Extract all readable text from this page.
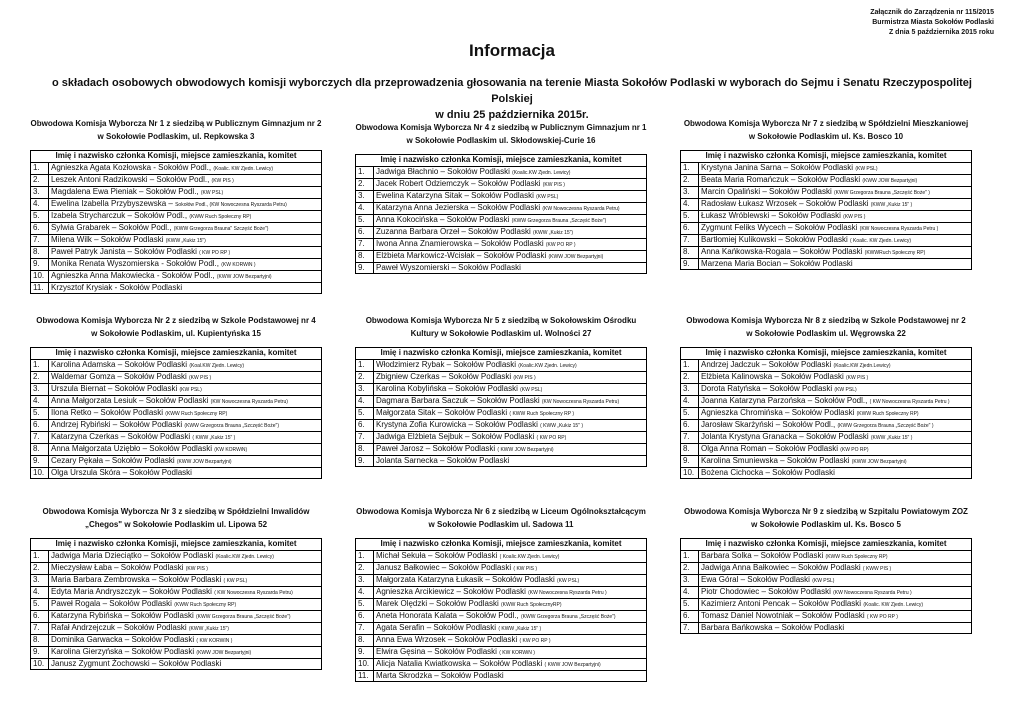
Załącznik do Zarządzenia nr 115/2015
Burmistrza Miasta Sokołów Podlaski
Z dnia 5 października 2015 roku
Informacja
o składach osobowych obwodowych komisji wyborczych dla przeprowadzenia głosowania na terenie Miasta Sokołów Podlaski w wyborach do Sejmu i Senatu Rzeczypospolitej Polskiej
w dniu 25 października 2015r.
Obwodowa Komisja Wyborcza Nr 1 z siedzibą w Publicznym Gimnazjum nr 2
w Sokołowie Podlaskim, ul. Repkowska 3
Imię i nazwisko członka Komisji, miejsce zamieszkania, komitet	
1.	Agnieszka Agata Kozłowska - Sokołów Podl., (Koalic. KW Zjedn. Lewicy)
2.	Leszek Antoni Radzikowski – Sokołów Podl., (KW PIS )
3.	Magdalena Ewa Pieniak – Sokołów Podl., (KW PSL)
4.	Ewelina Izabella Przybyszewska – Sokołów Podl., (KW Nowoczesna Ryszarda Petru)
5.	Izabela Strycharczuk – Sokołów Podl., (KWW Ruch Społeczny RP)
6.	Sylwia Grabarek – Sokołów Podl., (KWW Grzegorza Brauna" Szczęść Boże")
7.	Milena Wilk – Sokołów Podlaski (KWW „Kukiz 15")
8.	Paweł Patryk Janista – Sokołów Podlaski ( KW PO RP )
9.	Monika Renata Wyszomierska - Sokołów Podl., (KW KORWiN )
10.	Agnieszka Anna Makowiecka - Sokołów Podl., (KWW JOW Bezpartyjni)
11.	Krzysztof Krysiak - Sokołów Podlaski
Obwodowa Komisja Wyborcza Nr 4 z siedzibą w Publicznym Gimnazjum nr 1
w Sokołowie Podlaskim ul. Skłodowskiej-Curie 16
Imię i nazwisko członka Komisji, miejsce zamieszkania, komitet	
1.	Jadwiga Błachnio – Sokołów Podlaski (Koalic.KW Zjedn. Lewicy)
2.	Jacek Robert Odziemczyk – Sokołów Podlaski (KW PIS )
3.	Ewelina Katarzyna Sitak – Sokołów Podlaski (KW PSL)
4.	Katarzyna Anna Jezierska – Sokołów Podlaski (KW Nowoczesna Ryszarda Petru)
5.	Anna Kokocińska – Sokołów Podlaski (KWW Grzegorza Brauna „Szczęść Boże")
6.	Zuzanna Barbara Orzeł – Sokołów Podlaski (KWW „Kukiz 15")
7.	Iwona Anna Znamierowska – Sokołów Podlaski (KW PO RP )
8.	Elżbieta Markowicz-Wcisłak – Sokołów Podlaski (KWW JOW Bezpartyjni)
9.	Paweł Wyszomierski – Sokołów Podlaski
Obwodowa Komisja Wyborcza Nr 7 z siedzibą w Spółdzielni Mieszkaniowej
w Sokołowie Podlaskim ul. Ks. Bosco 10
Imię i nazwisko członka Komisji, miejsce zamieszkania, komitet	
1.	Krystyna Janina Sarna – Sokołów Podlaski (KW PSL)
2.	Beata Maria Romańczuk – Sokołów Podlaski (KWW JOW Bezpartyjni)
3.	Marcin Opaliński – Sokołów Podlaski (KWW Grzegorza Brauna „Szczęść Boże" )
4.	Radosław Łukasz Wrzosek – Sokołów Podlaski (KWW „Kukiz 15" )
5.	Łukasz Wróblewski – Sokołów Podlaski (KW PIS )
6.	Zygmunt Feliks Wycech – Sokołów Podlaski (KW Nowoczesna Ryszarda Petru )
7.	Bartłomiej Kulikowski – Sokołów Podlaski ( Koalic. KW Zjedn. Lewicy)
8.	Anna Kańkowska-Rogala – Sokołów Podlaski (KWWRuch Społeczny RP)
9.	Marzena Maria Bocian – Sokołów Podlaski
Obwodowa Komisja Wyborcza Nr 2 z siedzibą w Szkole Podstawowej nr 4
w Sokołowie Podlaskim, ul. Kupientyńska 15
Imię i nazwisko członka Komisji, miejsce zamieszkania, komitet	
1.	Karolina Adamska – Sokołów Podlaski (Koal.KW Zjedn. Lewicy)
2.	Waldemar Gomza – Sokołów Podlaski (KW PIS )
3.	Urszula Biernat – Sokołów Podlaski (KW PSL)
4.	Anna Małgorzata Lesiuk – Sokołów Podlaski (KW Nowoczesna Ryszarda Petru)
5.	Ilona Retko – Sokołów Podlaski (KWW Ruch Społeczny RP)
6.	Andrzej Rybiński – Sokołów Podlaski (KWW Grzegorza Brauna „Szczęść Boże")
7.	Katarzyna Czerkas – Sokołów Podlaski ( KWW „Kukiz 15" )
8.	Anna Małgorzata Uziębło – Sokołów Podlaski (KW KORWiN)
9.	Cezary Pękała – Sokołów Podlaski (KWW JOW Bezpartyjni)
10.	Olga Urszula Skóra – Sokołów Podlaski
Obwodowa Komisja Wyborcza Nr 5 z siedzibą w Sokołowskim Ośrodku
Kultury w Sokołowie Podlaskim ul. Wolności 27
Imię i nazwisko członka Komisji, miejsce zamieszkania, komitet	
1.	Włodzimierz Rybak – Sokołów Podlaski (Koalic.KW Zjedn. Lewicy)
2.	Zbigniew Czerkas – Sokołów Podlaski (KW PIS )
3.	Karolina Kobylińska – Sokołów Podlaski (KW PSL)
4.	Dagmara Barbara Saczuk – Sokołów Podlaski (KW Nowoczesna Ryszarda Petru)
5.	Małgorzata Sitak – Sokołów Podlaski ( KWW Ruch Społeczny RP )
6.	Krystyna Zofia Kurowicka – Sokołów Podlaski ( KWW „Kukiz 15" )
7.	Jadwiga Elżbieta Sejbuk – Sokołów Podlaski ( KW PO RP)
8.	Paweł Jarosz – Sokołów Podlaski ( KWW JOW Bezpartyjni)
9.	Jolanta Sarnecka – Sokołów Podlaski
Obwodowa Komisja Wyborcza Nr 8 z siedzibą w Szkole Podstawowej nr 2
w Sokołowie Podlaskim ul. Węgrowska 22
Imię i nazwisko członka Komisji, miejsce zamieszkania, komitet	
1.	Andrzej Jadczuk – Sokołów Podlaski (Koalic.KW Zjedn.Lewicy)
2.	Elżbieta Kalinowska – Sokołów Podlaski (KW PIS )
3.	Dorota Ratyńska – Sokołów Podlaski (KW PSL)
4.	Joanna Katarzyna Parzońska – Sokołów Podl., ( KW Nowoczesna Ryszarda Petru )
5.	Agnieszka Chromińska – Sokołów Podlaski (KWW Ruch Społeczny RP)
6.	Jarosław Skarżyński – Sokołów Podl., (KWW Grzegorza Brauna „Szczęść Boże" )
7.	Jolanta Krystyna Granacka – Sokołów Podlaski (KWW „Kukiz 15" )
8.	Olga Anna Roman – Sokołów Podlaski (KW PO RP)
9.	Karolina Smuniewska – Sokołów Podlaski (KWW JOW Bezpartyjni)
10.	Bożena Cichocka – Sokołów Podlaski
Obwodowa Komisja Wyborcza Nr 3 z siedzibą w Spółdzielni Inwalidów
„Chegos" w Sokołowie Podlaskim ul. Lipowa 52
Imię i nazwisko członka Komisji, miejsce zamieszkania, komitet	
1.	Jadwiga Maria Dzieciątko – Sokołów Podlaski (Koalic.KW Zjedn. Lewicy)
2.	Mieczysław Łaba – Sokołów Podlaski (KW PIS )
3.	Maria Barbara Zembrowska – Sokołów Podlaski ( KW PSL)
4.	Edyta Maria Andryszczyk – Sokołów Podlaski ( KW Nowoczesna Ryszarda Petru)
5.	Paweł Rogala – Sokołów Podlaski (KWW Ruch Społeczny RP)
6.	Katarzyna Rybińska – Sokołów Podlaski (KWW Grzegorza Brauna „Szczęść Boże")
7.	Rafał Andrzejczuk – Sokołów Podlaski (KWW „Kukiz 15")
8.	Dominika Garwacka – Sokołów Podlaski ( KW KORWIN )
9.	Karolina Gierzyńska – Sokołów Podlaski (KWW JOW Bezpartyjni)
10.	Janusz Zygmunt Żochowski – Sokołów Podlaski
Obwodowa Komisja Wyborcza Nr 6 z siedzibą w Liceum Ogólnokształcącym
w Sokołowie Podlaskim ul. Sadowa 11
Imię i nazwisko członka Komisji, miejsce zamieszkania, komitet	
1.	Michał Sekuła – Sokołów Podlaski ( Koalic.KW Zjedn. Lewicy)
2.	Janusz Bałkowiec – Sokołów Podlaski ( KW PIS )
3.	Małgorzata Katarzyna Łukasik – Sokołów Podlaski (KW PSL)
4.	Agnieszka Arcikiewicz – Sokołów Podlaski (KW Nowoczesna Ryszarda Petru )
5.	Marek Olędzki – Sokołów Podlaski (KWW Ruch SpołecznyRP)
6.	Aneta Honorata Kalata – Sokołów Podl., (KWW Grzegorza Brauna „Szczęść Boże")
7.	Agata Serafin – Sokołów Podlaski ( KWW „Kukiz 15" )
8.	Anna Ewa Wrzosek – Sokołów Podlaski ( KW PO RP )
9.	Elwira Gęsina – Sokołów Podlaski ( KW KORWiN )
10.	Alicja Natalia Kwiatkowska – Sokołów Podlaski ( KWW JOW Bezpartyjni)
11.	Marta Skrodzka – Sokołów Podlaski
Obwodowa Komisja Wyborcza Nr 9 z siedzibą w Szpitalu Powiatowym ZOZ
w Sokołowie Podlaskim ul. Ks. Bosco 5
Imię i nazwisko członka Komisji, miejsce zamieszkania, komitet	
1.	Barbara Solka – Sokołów Podlaski (KWW Ruch Społeczny RP)
2.	Jadwiga Anna Bałkowiec – Sokołów Podlaski ( KWW PIS )
3.	Ewa Góral – Sokołów Podlaski (KW PSL)
4.	Piotr Chodowiec – Sokołów Podlaski (KW Nowoczesna Ryszarda Petru )
5.	Kazimierz Antoni Pencak – Sokołów Podlaski (Koalic. KW Zjedn. Lewicy)
6.	Tomasz Daniel Nowotniak – Sokołów Podlaski ( KW PO RP )
7.	Barbara Bańkowska – Sokołów Podlaski
